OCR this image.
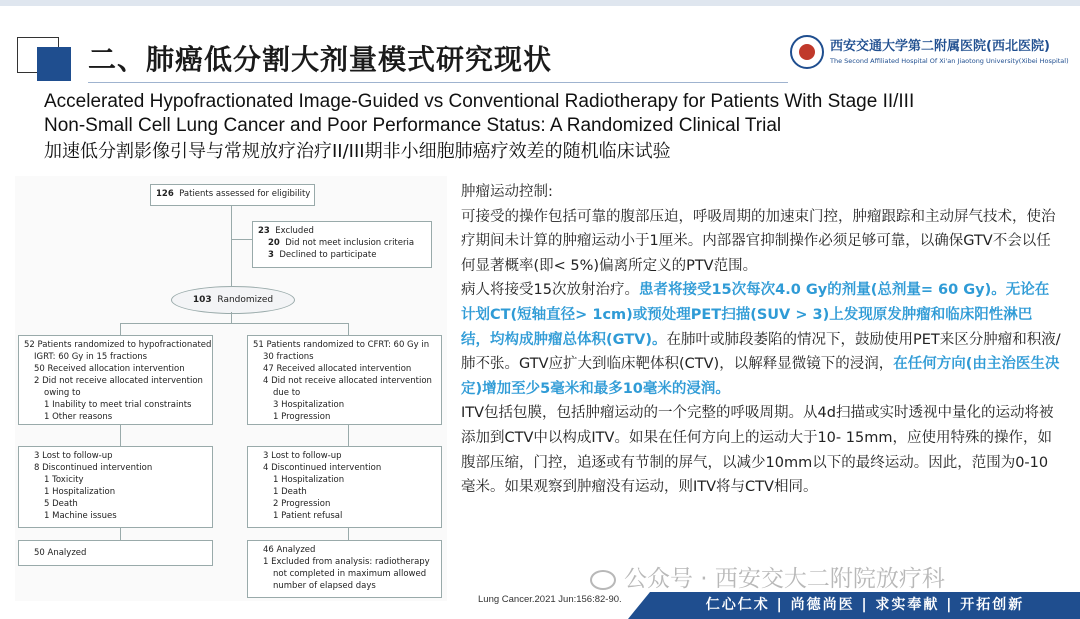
二、肺癌低分割大剂量模式研究现状	西安交通大学第二附属医院(西北医院)
The Second Affiliated Hospital Of Xi'an Jiaotong University(Xibei Hospital)
Accelerated Hypofractionated Image-Guided vs Conventional Radiotherapy for Patients With Stage II/III
Non-Small Cell Lung Cancer and Poor Performance Status: A Randomized Clinical Trial
加速低分割影像引导与常规放疗治疗II/III期非小细胞肺癌疗效差的随机临床试验
126 Patients assessed for eligibility
23 Excluded
20 Did not meet inclusion criteria
3 Declined to participate
103 Randomized
52 Patients randomized to hypofractionated
IGRT: 60 Gy in 15 fractions
50 Received allocation intervention
2 Did not receive allocated intervention
owing to
1 Inability to meet trial constraints
1 Other reasons
51 Patients randomized to CFRT: 60 Gy in
30 fractions
47 Received allocated intervention
4 Did not receive allocated intervention
due to
3 Hospitalization
1 Progression
3 Lost to follow-up
8 Discontinued intervention
1 Toxicity
1 Hospitalization
5 Death
1 Machine issues
3 Lost to follow-up
4 Discontinued intervention
1 Hospitalization
1 Death
2 Progression
1 Patient refusal
50 Analyzed	46 Analyzed
1 Excluded from analysis: radiotherapy
not completed in maximum allowed
number of elapsed days

肿瘤运动控制:

可接受的操作包括可靠的腹部压迫，呼吸周期的加速束门控，肿瘤跟踪和主动屏气技术，使治疗期间未计算的肿瘤运动小于1厘米。内部器官抑制操作必须足够可靠，以确保GTV不会以任何显著概率(即< 5%)偏离所定义的PTV范围。

病人将接受15次放射治疗。患者将接受15次每次4.0 Gy的剂量(总剂量= 60 Gy)。无论在计划CT(短轴直径> 1cm)或预处理PET扫描(SUV > 3)上发现原发肿瘤和临床阳性淋巴结，均构成肿瘤总体积(GTV)。在肺叶或肺段萎陷的情况下，鼓励使用PET来区分肿瘤和积液/肺不张。GTV应扩大到临床靶体积(CTV)，以解释显微镜下的浸润，在任何方向(由主治医生决定)增加至少5毫米和最多10毫米的浸润。

ITV包括包膜，包括肿瘤运动的一个完整的呼吸周期。从4d扫描或实时透视中量化的运动将被添加到CTV中以构成ITV。如果在任何方向上的运动大于10- 15mm，应使用特殊的操作，如腹部压缩，门控，追逐或有节制的屏气，以减少10mm以下的最终运动。因此，范围为0-10毫米。如果观察到肿瘤没有运动，则ITV将与CTV相同。

公众号 · 西安交大二附院放疗科
Lung Cancer.2021 Jun:156:82-90.	仁心仁术 | 尚德尚医 | 求实奉献 | 开拓创新
